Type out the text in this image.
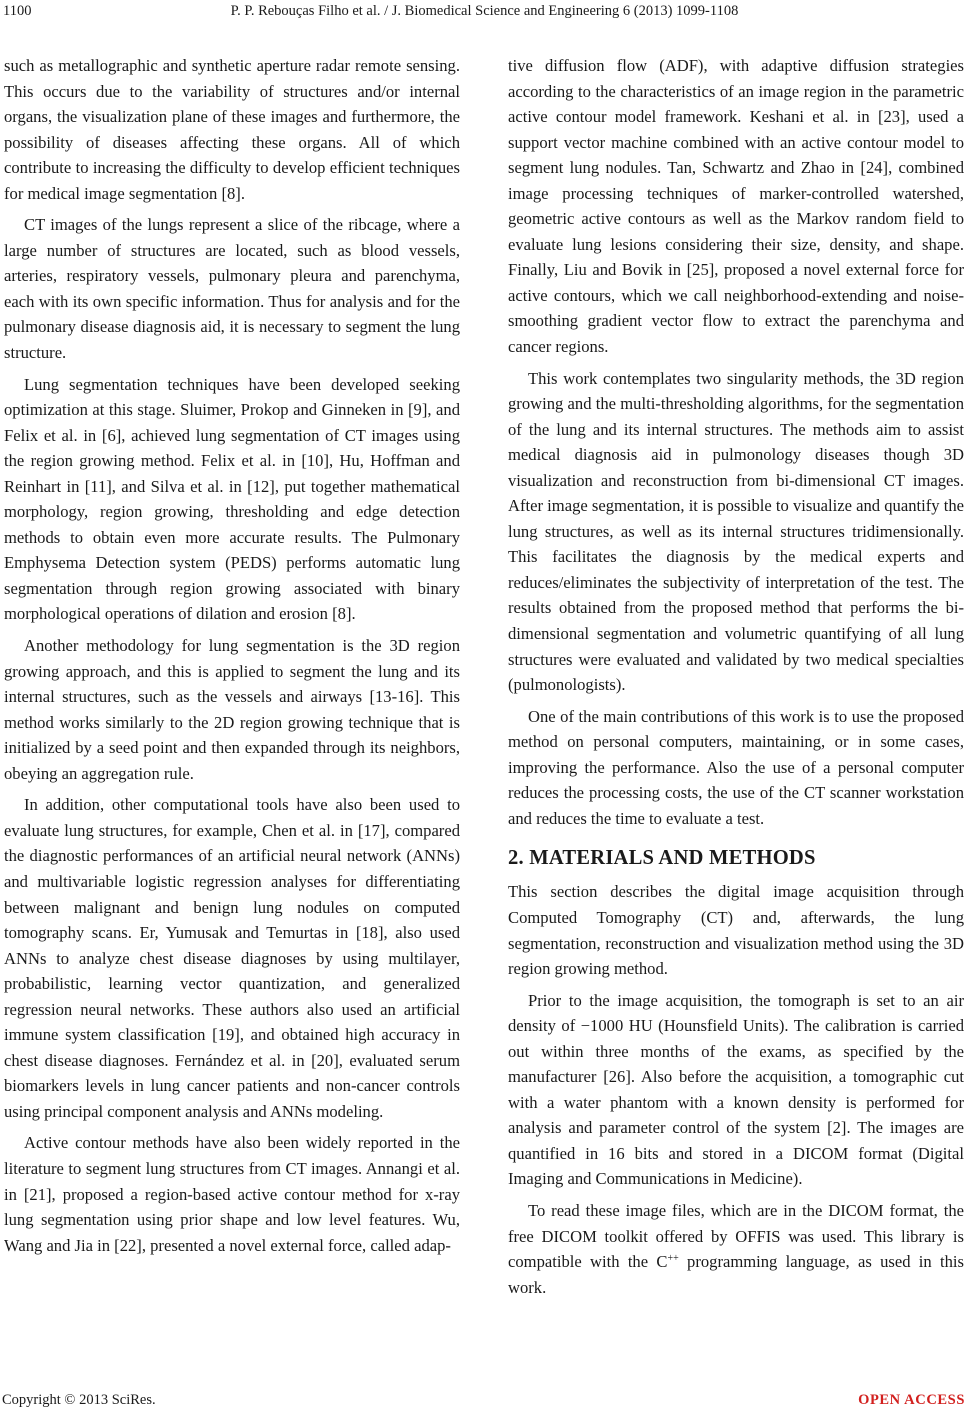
1100	P. P. Rebouças Filho et al. / J. Biomedical Science and Engineering 6 (2013) 1099-1108

such as metallographic and synthetic aperture radar remote sensing. This occurs due to the variability of structures and/or internal organs, the visualization plane of these images and furthermore, the possibility of diseases affecting these organs. All of which contribute to increasing the difficulty to develop efficient techniques for medical image segmentation [8].

CT images of the lungs represent a slice of the ribcage, where a large number of structures are located, such as blood vessels, arteries, respiratory vessels, pulmonary pleura and parenchyma, each with its own specific information. Thus for analysis and for the pulmonary disease diagnosis aid, it is necessary to segment the lung structure.

Lung segmentation techniques have been developed seeking optimization at this stage. Sluimer, Prokop and Ginneken in [9], and Felix et al. in [6], achieved lung segmentation of CT images using the region growing method. Felix et al. in [10], Hu, Hoffman and Reinhart in [11], and Silva et al. in [12], put together mathematical morphology, region growing, thresholding and edge detection methods to obtain even more accurate results. The Pulmonary Emphysema Detection system (PEDS) performs automatic lung segmentation through region growing associated with binary morphological operations of dilation and erosion [8].

Another methodology for lung segmentation is the 3D region growing approach, and this is applied to segment the lung and its internal structures, such as the vessels and airways [13-16]. This method works similarly to the 2D region growing technique that is initialized by a seed point and then expanded through its neighbors, obeying an aggregation rule.

In addition, other computational tools have also been used to evaluate lung structures, for example, Chen et al. in [17], compared the diagnostic performances of an artificial neural network (ANNs) and multivariable logistic regression analyses for differentiating between malignant and benign lung nodules on computed tomography scans. Er, Yumusak and Temurtas in [18], also used ANNs to analyze chest disease diagnoses by using multilayer, probabilistic, learning vector quantization, and generalized regression neural networks. These authors also used an artificial immune system classification [19], and obtained high accuracy in chest disease diagnoses. Fernández et al. in [20], evaluated serum biomarkers levels in lung cancer patients and non-cancer controls using principal component analysis and ANNs modeling.

Active contour methods have also been widely reported in the literature to segment lung structures from CT images. Annangi et al. in [21], proposed a region-based active contour method for x-ray lung segmentation using prior shape and low level features. Wu, Wang and Jia in [22], presented a novel external force, called adap-

tive diffusion flow (ADF), with adaptive diffusion strategies according to the characteristics of an image region in the parametric active contour model framework. Keshani et al. in [23], used a support vector machine combined with an active contour model to segment lung nodules. Tan, Schwartz and Zhao in [24], combined image processing techniques of marker-controlled watershed, geometric active contours as well as the Markov random field to evaluate lung lesions considering their size, density, and shape. Finally, Liu and Bovik in [25], proposed a novel external force for active contours, which we call neighborhood-extending and noise-smoothing gradient vector flow to extract the parenchyma and cancer regions.

This work contemplates two singularity methods, the 3D region growing and the multi-thresholding algorithms, for the segmentation of the lung and its internal structures. The methods aim to assist medical diagnosis aid in pulmonology diseases though 3D visualization and reconstruction from bi-dimensional CT images. After image segmentation, it is possible to visualize and quantify the lung structures, as well as its internal structures tridimensionally. This facilitates the diagnosis by the medical experts and reduces/eliminates the subjectivity of interpretation of the test. The results obtained from the proposed method that performs the bi-dimensional segmentation and volumetric quantifying of all lung structures were evaluated and validated by two medical specialties (pulmonologists).

One of the main contributions of this work is to use the proposed method on personal computers, maintaining, or in some cases, improving the performance. Also the use of a personal computer reduces the processing costs, the use of the CT scanner workstation and reduces the time to evaluate a test.

2. MATERIALS AND METHODS

This section describes the digital image acquisition through Computed Tomography (CT) and, afterwards, the lung segmentation, reconstruction and visualization method using the 3D region growing method.

Prior to the image acquisition, the tomograph is set to an air density of −1000 HU (Hounsfield Units). The calibration is carried out within three months of the exams, as specified by the manufacturer [26]. Also before the acquisition, a tomographic cut with a water phantom with a known density is performed for analysis and parameter control of the system [2]. The images are quantified in 16 bits and stored in a DICOM format (Digital Imaging and Communications in Medicine).

To read these image files, which are in the DICOM format, the free DICOM toolkit offered by OFFIS was used. This library is compatible with the C++ programming language, as used in this work.

Copyright © 2013 SciRes.	OPEN ACCESS
